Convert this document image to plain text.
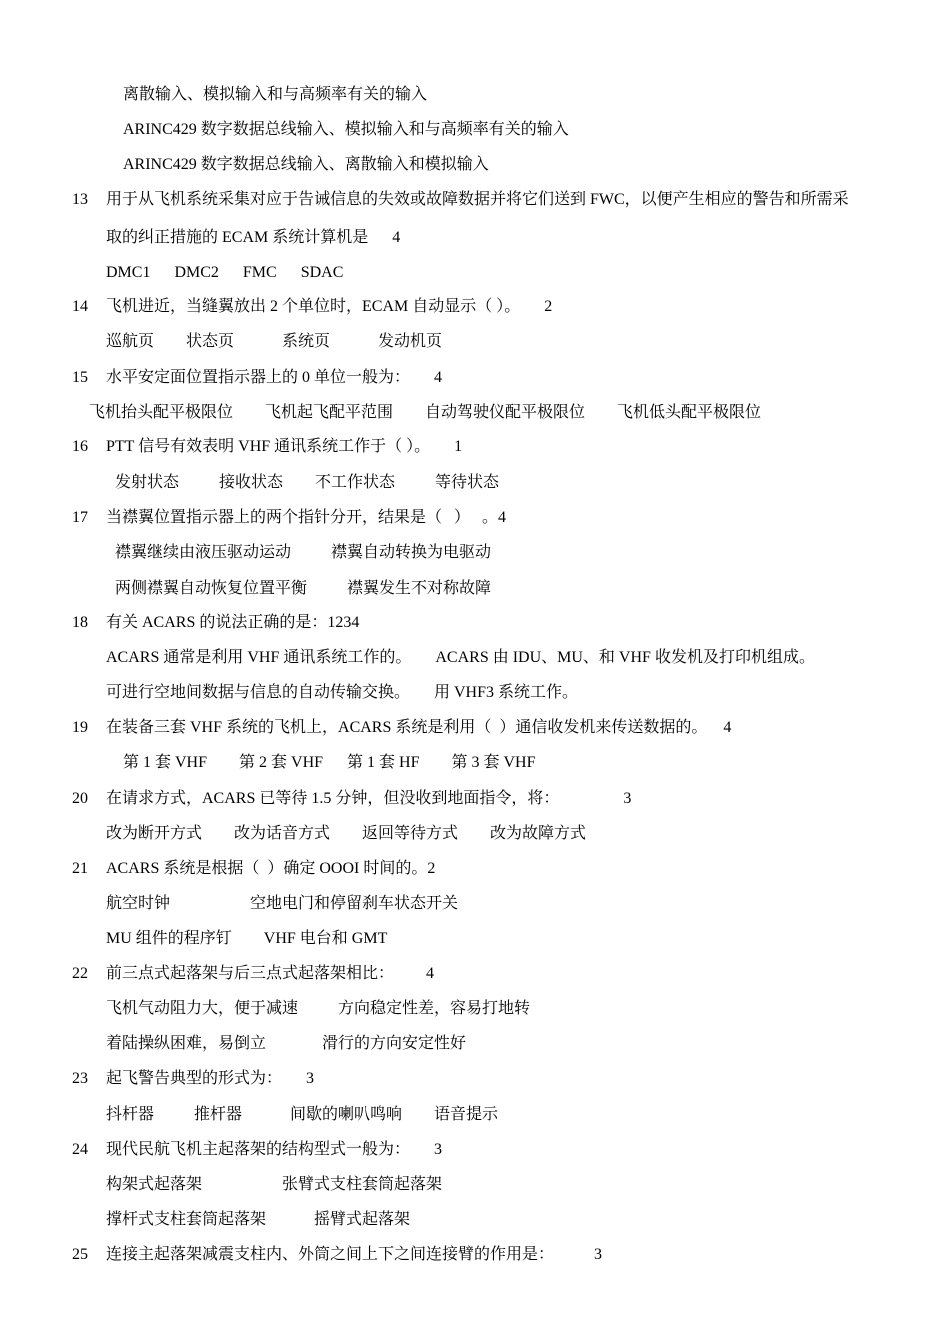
离散输入、模拟输入和与高频率有关的输入
ARINC429 数字数据总线输入、模拟输入和与高频率有关的输入
ARINC429 数字数据总线输入、离散输入和模拟输入
13 用于从飞机系统采集对应于告诫信息的失效或故障数据并将它们送到 FWC，以便产生相应的警告和所需采
取的纠正措施的 ECAM 系统计算机是      4
DMC1      DMC2      FMC      SDAC
14 飞机进近，当缝翼放出 2 个单位时，ECAM 自动显示（ ）。      2
巡航页        状态页            系统页            发动机页
15 水平安定面位置指示器上的 0 单位一般为：      4
飞机抬头配平极限位        飞机起飞配平范围        自动驾驶仪配平极限位        飞机低头配平极限位
16 PTT 信号有效表明 VHF 通讯系统工作于（ ）。      1
发射状态          接收状态        不工作状态          等待状态
17 当襟翼位置指示器上的两个指针分开，结果是（   ）   。4
襟翼继续由液压驱动运动          襟翼自动转换为电驱动
两侧襟翼自动恢复位置平衡          襟翼发生不对称故障
18 有关 ACARS 的说法正确的是：1234
ACARS 通常是利用 VHF 通讯系统工作的。      ACARS 由 IDU、MU、和 VHF 收发机及打印机组成。
可进行空地间数据与信息的自动传输交换。      用 VHF3 系统工作。
19 在装备三套 VHF 系统的飞机上，ACARS 系统是利用（  ）通信收发机来传送数据的。    4
第 1 套 VHF        第 2 套 VHF      第 1 套 HF        第 3 套 VHF
20 在请求方式，ACARS 已等待 1.5 分钟，但没收到地面指令，将：                3
改为断开方式        改为话音方式        返回等待方式        改为故障方式
21 ACARS 系统是根据（  ）确定 OOOI 时间的。2
航空时钟                    空地电门和停留刹车状态开关
MU 组件的程序钉        VHF 电台和 GMT
22 前三点式起落架与后三点式起落架相比：        4
飞机气动阻力大，便于减速          方向稳定性差，容易打地转
着陆操纵困难，易倒立              滑行的方向安定性好
23 起飞警告典型的形式为：      3
抖杆器          推杆器            间歇的喇叭鸣响        语音提示
24 现代民航飞机主起落架的结构型式一般为：      3
构架式起落架                    张臂式支柱套筒起落架
撑杆式支柱套筒起落架            摇臂式起落架
25 连接主起落架减震支柱内、外筒之间上下之间连接臂的作用是：          3
